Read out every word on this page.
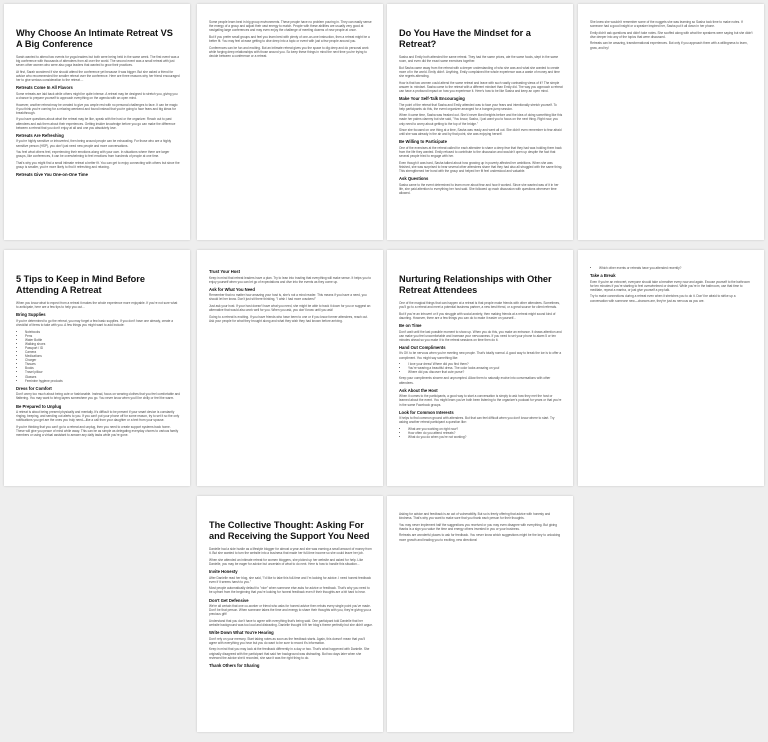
Why Choose An Intimate Retreat VS A Big Conference
Sarah wanted to attend two events for yoga leaders but both were being held in the same week. The first event was a big conference with thousands of attendees from all over the world. The second event was a small retreat with just seven other women who were also yoga leaders that wanted to grow their practices.
At first, Sarah wondered if she should attend the conference yet because it was bigger. But she asked a friend for advice who recommended the smaller retreat over the conference. Here are three reasons why her friend encouraged her to give serious consideration to the retreat....
Retreats Come In All Flavors
Some retreats are laid back while others might be quite intense. A retreat may be designed to stretch you, giving you a chance to prepare yourself to approach everything on the agenda with an open mind.
However, another retreat may be created to give you ample rest with no personal challenges to face. It can be magic if you think you're coming for a relaxing weekend and found instead that you're going to face fears and big ideas for breakthrough.
If you have questions about what the retreat may be like, speak with the host or the organizer. Reach out to past attendees and ask them about their experiences. Getting insider knowledge before you go can make the difference between a retreat that you don't enjoy at all and one you absolutely love.
Retreats Are Refreshing
If you're highly sensitive or introverted, then being around people can be exhausting. For those who are a highly sensitive person (HSP), you don't just need new people and more conversations.
You feel what others feel, experiencing their emotions along with your own. In situations where there are larger groups, like conferences, it can be overwhelming to feel emotions from hundreds of people at one time.
That's why you might find a small intimate retreat a better fit. You can get to enjoy connecting with others but since the group is smaller, you're more likely to find it refreshing and relaxing.
Retreats Give You One-on-One Time
Some people learn best in big group environments. These people have no problem pouring in. They can easily sense the energy of a group and adjust their vast energy to match. People with these abilities are usually very good at navigating large conferences and may even enjoy the challenge of meeting dozens of new people at once.
But if you prefer small groups and feel you learn best with plenty of one-on-one instruction, then a retreat might be a better fit. You may feel at ease getting to dive deep into a topic or event with just a few people around you.
Conferences can be fun and exciting. But an intimate retreat gives you the space to dig deep and do personal work while forging deep relationships with those around you. So keep these things in mind the next time you're trying to decide between a conference or a retreat.
Do You Have the Mindset for a Retreat?
Sasha and Emily both attended the same retreat. They had the same prices, ate the same foods, slept in the same room, and even did the exact same exercises together.
But Sasha came away from the retreat with a deeper understanding of who she was and what she wanted to create more of in the world. Emily didn't. Anything, Emily complained the whole experience was a waste of money and time she regrets attending.
How is that two women could attend the same retreat and leave with such vastly contrasting views of it? The simple answer is: mindset. Sasha came to the retreat with a different mindset than Emily did. The way you approach a retreat can have a profound impact on how you experience it. Here's how to be like Sasha and keep an open mind.
Make Your Self-Talk Encouraging
The point of the retreat that Sasha and Emily attended was to face your fears and intentionally stretch yourself. To help participants do this, the event organizer arranged for a bungee-jump session.
When it came time, Sasha was freaked out. She'd never liked heights before and the idea of doing something like this made her palms clammy but she said, "You know, Sasha, I just want you to focus on the next thing. Right now, you only need to worry about getting to the top of the bridge."
Since she focused on one thing at a time, Sasha was ready and went all out. She didn't even remember to fear afraid until she was already in the air and by that point, she was enjoying herself.
Be Willing to Participate
One of the exercises at the retreat called for each attendee to share a deep fear that they had was holding them back from the life they wanted. Emily refused to contribute to the discussion and wouldn't open up despite the fact that several people tried to engage with her.
Even though it was hard, Sasha talked about how growing up in poverty affected her ambitions. When she was finished, she was surprised to hear several other attendees share that they had also all struggled with the same thing. This strengthened her bond with the group and helped her fit feel understood and valuable.
Ask Questions
Sasha came to the event determined to learn more about fear and how it worked. Since she wanted was of it in her life, she paid attention to everything her host said. She followed up each discussion with questions whenever time allowed.
She knew she wouldn't remember some of the nuggets she was learning so Sasha took time to make notes. If someone had a good insight or a speaker inspired her, Sasha put it all down in her phone.
Emily didn't ask questions and didn't take notes. She scoffed along with what the speakers were saying but she didn't dive deeper into any of the topics that were discussed.
Retreats can be amazing, transformational experiences. But only if you approach them with a willingness to learn, grow, and try!
5 Tips to Keep in Mind Before Attending A Retreat
When you know what to expect from a retreat it makes the whole experience more enjoyable. If you're not sure what to anticipate, here are a few tips to help you out...
Bring Supplies
If you're determined to go the retreat, you may forget a few basic supplies. If you don't have one already, create a checklist of items to take with you. A few things you might want to add include:
• Notebooks
• Pens
• Water Bottle
• Walking shoes
• Passport / ID
• Camera
• Medications
• Charger
• Tissues
• Books
• Travel pillow
• Glasses
• Feminine hygiene products
Dress for Comfort
Don't worry too much about being cute or fashionable. Instead, focus on wearing clothes that you feel comfortable and flattering. You may want to bring layers somewhere you go. You never know when you'll be chilly or feel the warm.
Be Prepared to Unplug
A retreat is about being present physically and mentally. It's difficult to be present if your smart device is constantly ringing, beeping, and sending out alerts to you. If you can't put your phone off for some reason, try to set it so the only notifications you get are the ones you truly need—like a call from your daughter or a text from your spouse.
If you're thinking that you can't go to a retreat and unplug, then you need to create support systems back home. These will give you peace of mind while away. This can be as simple as delegating everyday chores to various family members or using a virtual assistant to answer any daily tasks while you're gone.
Trust Your Host
Keep in mind that retreat leaders have a plan. Try to lean into trusting that everything will make sense. It helps you to enjoy yourself when you can let go of expectations and dive into the events as they come up.
Ask for What You Need
Remember that no matter how amazing your host is, she's not a mind reader. This means if you have a need, you should let her know. Don't just sit there thinking, "I wish I had more crackers!"
Just ask your host. If your host doesn't have what you need, she might be able to track it down for you or suggest an alternative that would also work well for you. When you ask, you don't know until you ask!
Going to a retreat is exciting. If you have friends who have been to one or if you know former attendees, reach out. Ask your people for what they brought along and what they wish they had known before arriving.
Nurturing Relationships with Other Retreat Attendees
One of the magical things that can happen at a retreat is that people make friends with other attendees. Sometimes, you'll go to a retreat and meet a potential business partner, a new best friend, or a great source for client referrals.
But if you're an introvert or if you struggle with social anxiety, then making friends at a retreat might sound kind of daunting. However, there are a few things you can do to make it easier on yourself...
Be on Time
Don't wait until the last possible moment to show up. When you do this, you make an entrance. It draws attention and can make you feel uncomfortable and increase your nervousness. If you need to set your phone to alarm 5 or ten minutes ahead so you make it to the retreat sessions on time then do it.
Hand Out Compliments
It's OK to be nervous when you're meeting new people. That's totally normal. A good way to break the ice is to offer a compliment. You might say something like:
• I love your dress! Where did you find them?
• You're wearing a beautiful dress. The color looks amazing on you!
• Where did you discover that cute purse?
Keep your compliments sincere and unprompted. Allow them to naturally evolve into conversations with other attendees.
Ask About the Host
When it comes to the participants, a good way to start a conversation is simply to ask how they met the host or learned about the event. You might learn you've both been listening to the organizer's podcast for years or that you're in the same Facebook groups.
Look for Common Interests
It helps to find common ground with attendees. But that can feel difficult when you don't know where to start. Try asking another retreat participant a question like:
• What are you working on right now?
• How often do you attend retreats?
• What do you do when you're not working?
• Which other events or retreats have you attended recently?
Take a Break
Even if you're an extrovert, everyone should take a breather every now and again. Excuse yourself to the bathroom for ten minutes if you're starting to feel overwhelmed or drained. While you're in the bathroom, use that time to meditate, repeat a mantra, or just give yourself a pep talk.
Try to make connections during a retreat even when it stretches you to do it. Don't be afraid to strike up a conversation with someone new—chances are, they're just as nervous as you are.
The Collective Thought: Asking For and Receiving the Support You Need
Danielle had a side hustle as a lifestyle blogger for almost a year and she was earning a small amount of money from it. But she wanted to turn the website into a business that made her full-time income so she could leave her job.
When she attended an intimate retreat for women bloggers, she picked up her website and asked for help. Like Danielle, you may be eager for advice but uncertain of what to do next. Here is how to handle this situation...
Invite Honesty
After Danielle read her blog, she said, "I'd like to take this full-time and I'm looking for advice. I need honest feedback even if it seems harsh to you."
Most people automatically default to "nice" when someone else asks for advice or feedback. That's why you need to be upfront from the beginning that you're looking for honest feedback even if their thoughts are a bit hard to hear.
Don't Get Defensive
We're all certain that one co-worker or friend who asks for honest advice then rebuts every single point you've made. Don't be that person. When someone takes the time and energy to share their thoughts with you, they're giving you a precious gift!
Understand that you don't have to agree with everything that's being said. One participant told Danielle that her website background was too loud and distracting. Danielle thought it fit her blog's theme perfectly but she didn't argue.
Write Down What You're Hearing
Don't rely on your memory. Start taking notes as soon as the feedback starts. Again, this doesn't mean that you'll agree with everything you hear but you do want to be sure to record it's information.
Keep in mind that you may look at the feedback differently in a day or two. That's what happened with Danielle. She originally disagreed with the participant that said her background was distracting. But two days later when she reviewed the advice she'd recorded, she saw it was the right thing to do.
Thank Others for Sharing
Asking for advice and feedback is an act of vulnerability. But so is freely offering that advice with honesty and kindness. That's why you want to make sure that you thank each person for their thoughts.
You may never implement half the suggestions you received or you may even disagree with everything. But giving thanks is a sign you value the time and energy others invested in you or your business.
Retreats are wonderful places to ask for feedback. You never know which suggestions might be the key to unlocking more growth and leading you to exciting, new directions!
